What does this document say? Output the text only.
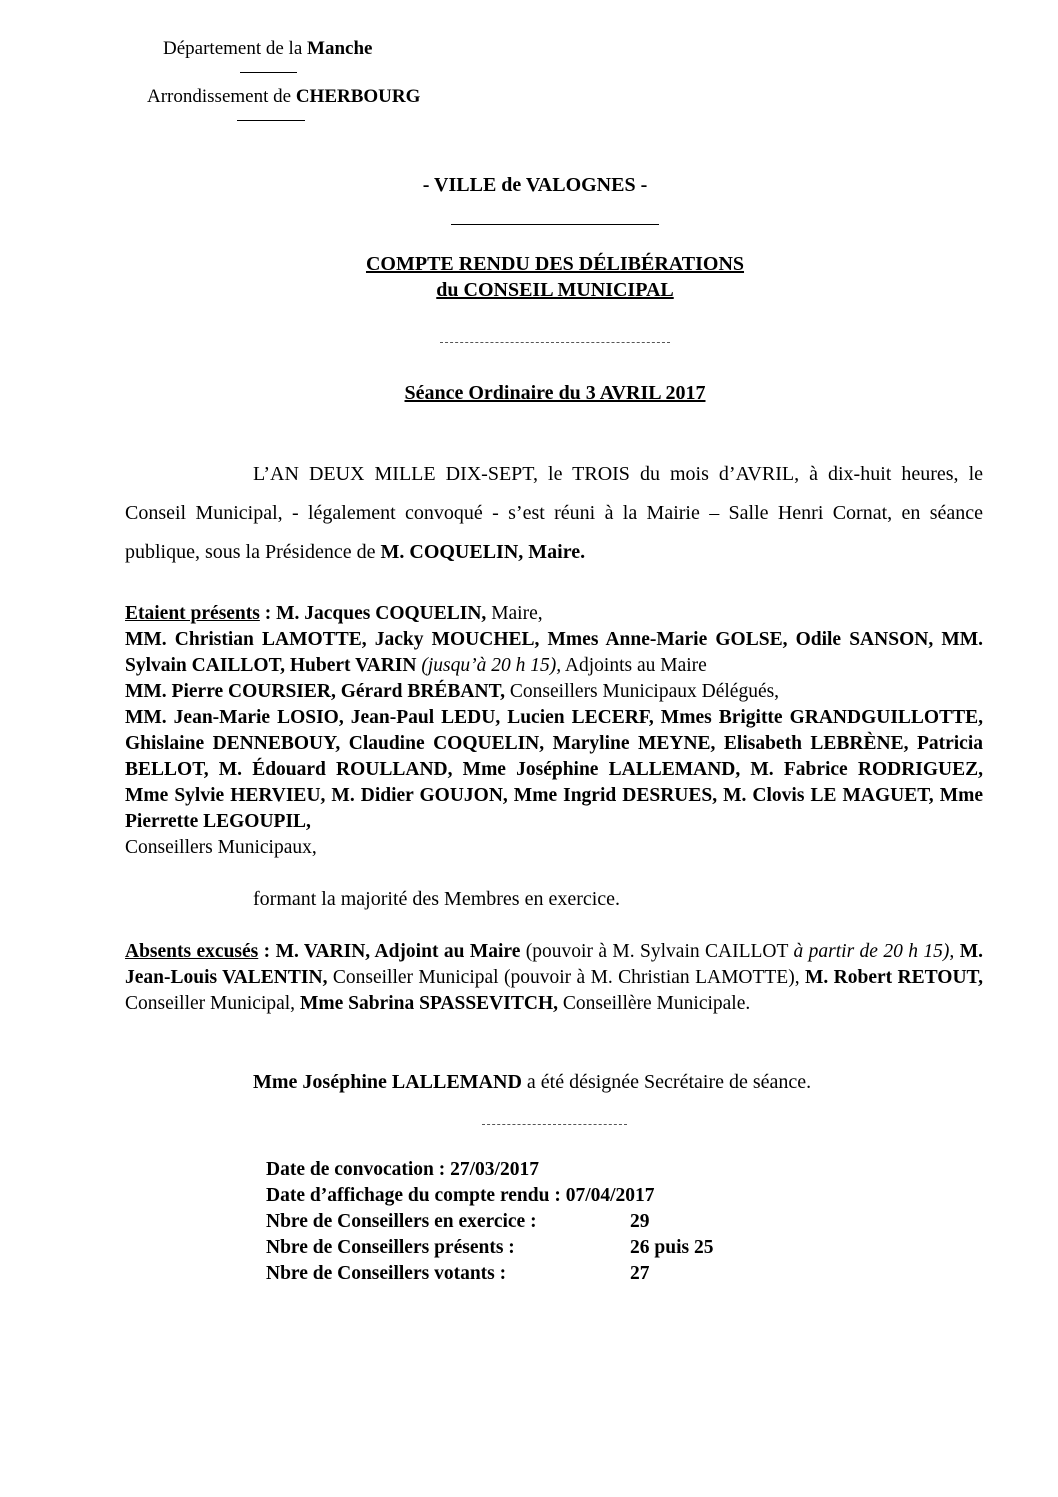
Département de la Manche
Arrondissement de CHERBOURG
- VILLE de VALOGNES -
COMPTE RENDU DES DÉLIBÉRATIONS
du CONSEIL MUNICIPAL
Séance Ordinaire du 3 AVRIL 2017
L’AN DEUX MILLE DIX-SEPT, le TROIS du mois d’AVRIL, à dix-huit heures, le Conseil Municipal, - légalement convoqué - s’est réuni à la Mairie – Salle Henri Cornat, en séance publique, sous la Présidence de M. COQUELIN, Maire.
Etaient présents : M. Jacques COQUELIN, Maire,
MM. Christian LAMOTTE, Jacky MOUCHEL, Mmes Anne-Marie GOLSE, Odile SANSON, MM. Sylvain CAILLOT, Hubert VARIN (jusqu’à 20 h 15), Adjoints au Maire
MM. Pierre COURSIER, Gérard BRÉBANT, Conseillers Municipaux Délégués,
MM. Jean-Marie LOSIO, Jean-Paul LEDU, Lucien LECERF, Mmes Brigitte GRANDGUILLOTTE, Ghislaine DENNEBOUY, Claudine COQUELIN, Maryline MEYNE, Elisabeth LEBRÈNE, Patricia BELLOT, M. Édouard ROULLAND, Mme Joséphine LALLEMAND, M. Fabrice RODRIGUEZ, Mme Sylvie HERVIEU, M. Didier GOUJON, Mme Ingrid DESRUES, M. Clovis LE MAGUET, Mme Pierrette LEGOUPIL,
Conseillers Municipaux,
formant la majorité des Membres en exercice.
Absents excusés : M. VARIN, Adjoint au Maire (pouvoir à M. Sylvain CAILLOT à partir de 20 h 15), M. Jean-Louis VALENTIN, Conseiller Municipal (pouvoir à M. Christian LAMOTTE), M. Robert RETOUT, Conseiller Municipal, Mme Sabrina SPASSEVITCH, Conseillère Municipale.
Mme Joséphine LALLEMAND a été désignée Secrétaire de séance.
Date de convocation : 27/03/2017
Date d’affichage du compte rendu : 07/04/2017
Nbre de Conseillers en exercice :	29
Nbre de Conseillers présents :	26 puis 25
Nbre de Conseillers votants :	27
